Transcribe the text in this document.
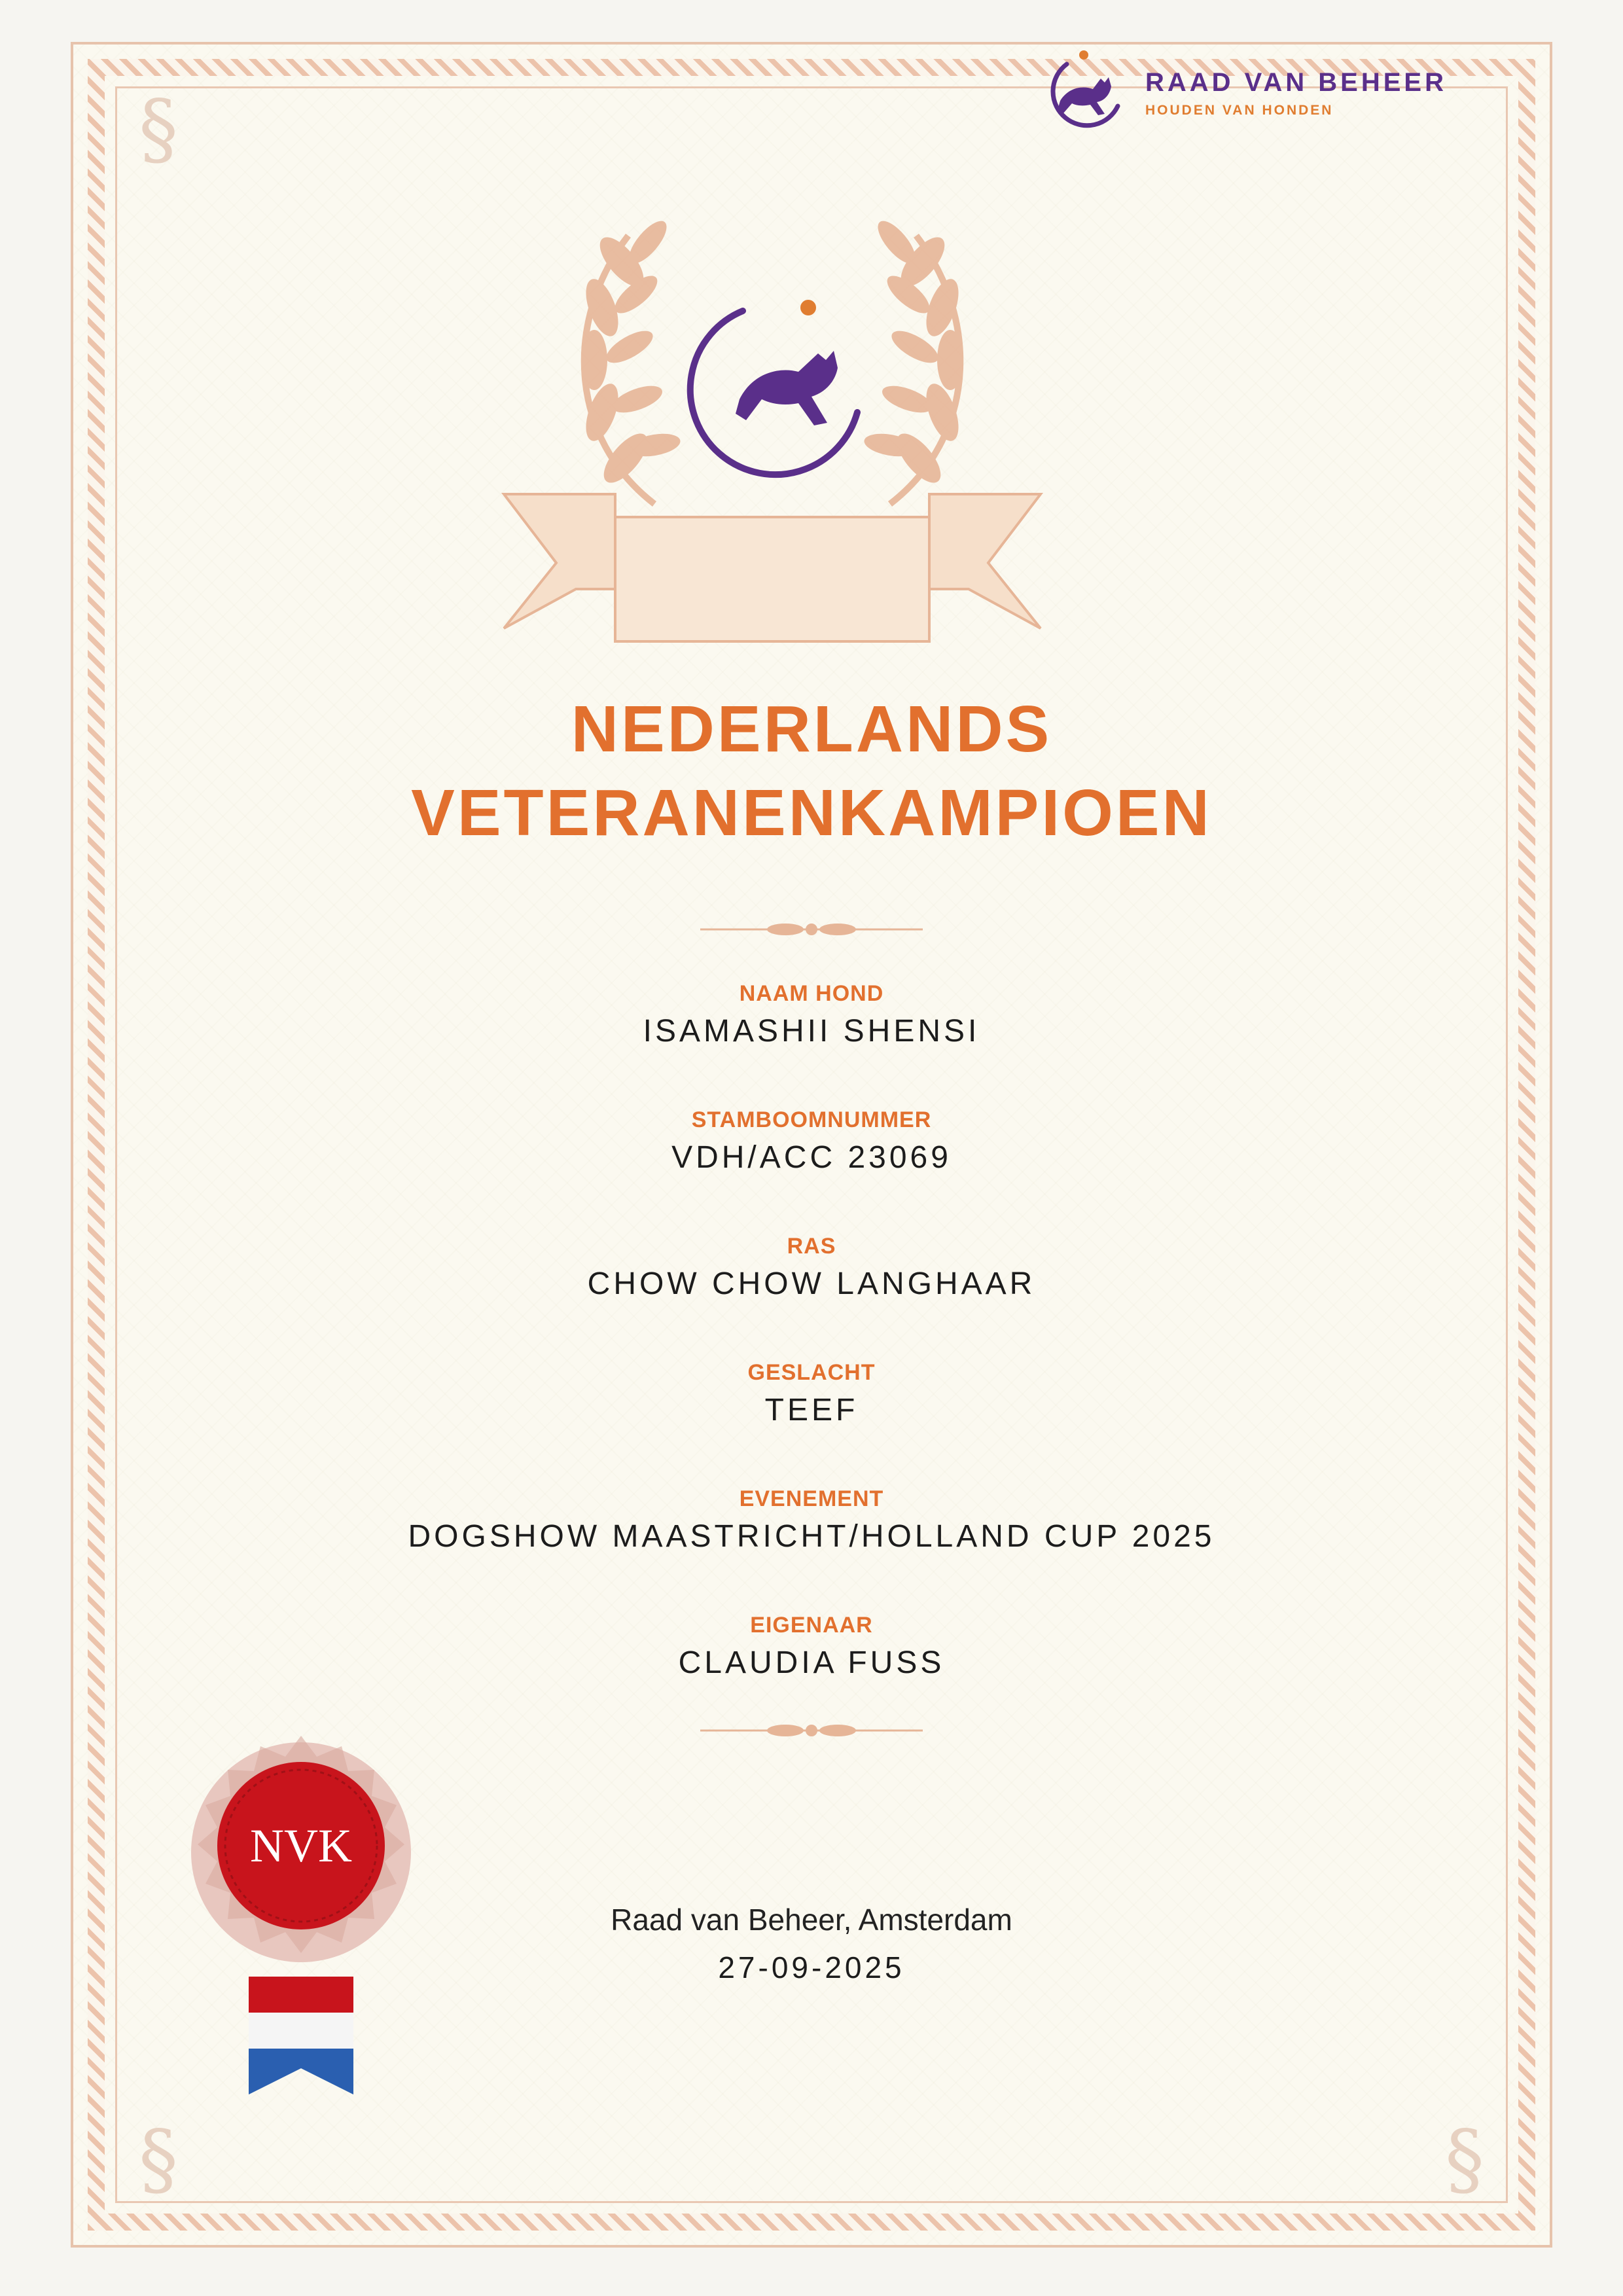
§
§	§
RAAD VAN BEHEER
HOUDEN VAN HONDEN
NEDERLANDS
VETERANENKAMPIOEN
NAAM HOND
ISAMASHII SHENSI
STAMBOOMNUMMER
VDH/ACC 23069
RAS
CHOW CHOW LANGHAAR
GESLACHT
TEEF
EVENEMENT
DOGSHOW MAASTRICHT/HOLLAND CUP 2025
EIGENAAR
CLAUDIA FUSS
NVK
Raad van Beheer, Amsterdam
27-09-2025
